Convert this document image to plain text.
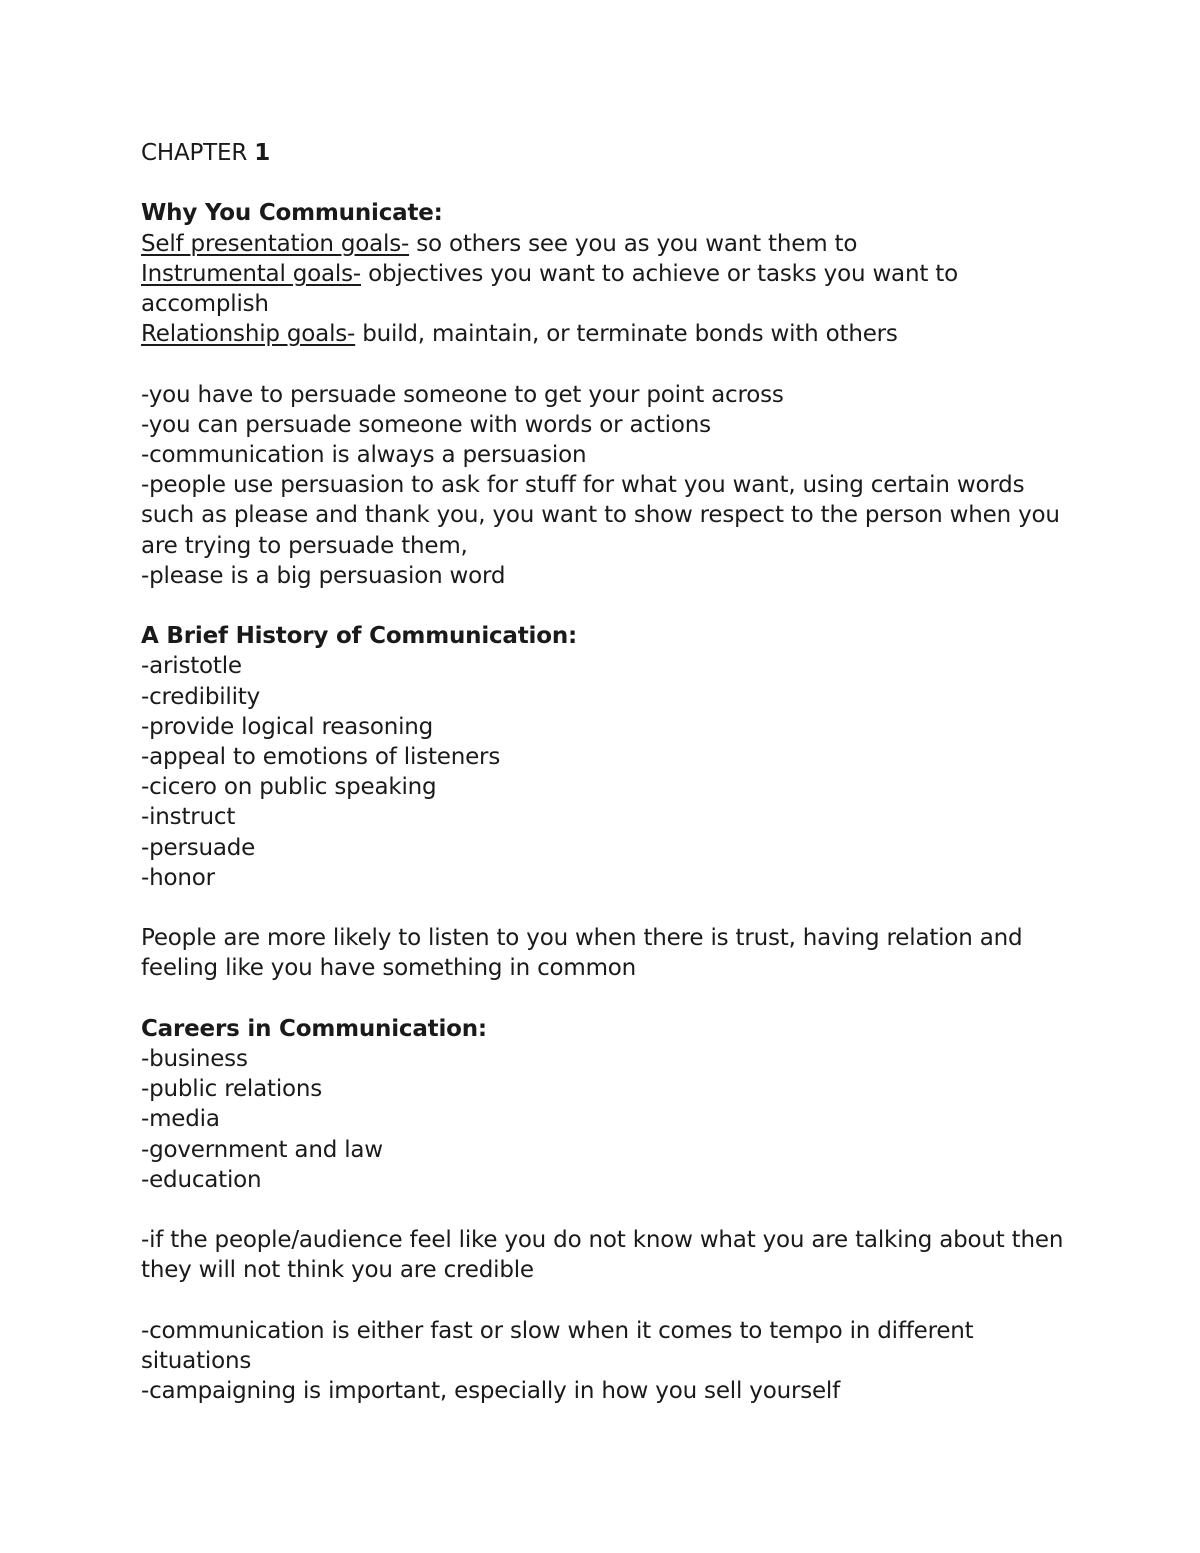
CHAPTER 1
Why You Communicate:
Self presentation goals- so others see you as you want them to
Instrumental goals- objectives you want to achieve or tasks you want to accomplish
Relationship goals- build, maintain, or terminate bonds with others
-you have to persuade someone to get your point across
-you can persuade someone with words or actions
-communication is always a persuasion
-people use persuasion to ask for stuff for what you want, using certain words such as please and thank you, you want to show respect to the person when you are trying to persuade them,
-please is a big persuasion word
A Brief History of Communication:
-aristotle
-credibility
-provide logical reasoning
-appeal to emotions of listeners
-cicero on public speaking
-instruct
-persuade
-honor
People are more likely to listen to you when there is trust, having relation and feeling like you have something in common
Careers in Communication:
-business
-public relations
-media
-government and law
-education
-if the people/audience feel like you do not know what you are talking about then they will not think you are credible
-communication is either fast or slow when it comes to tempo in different situations
-campaigning is important, especially in how you sell yourself
